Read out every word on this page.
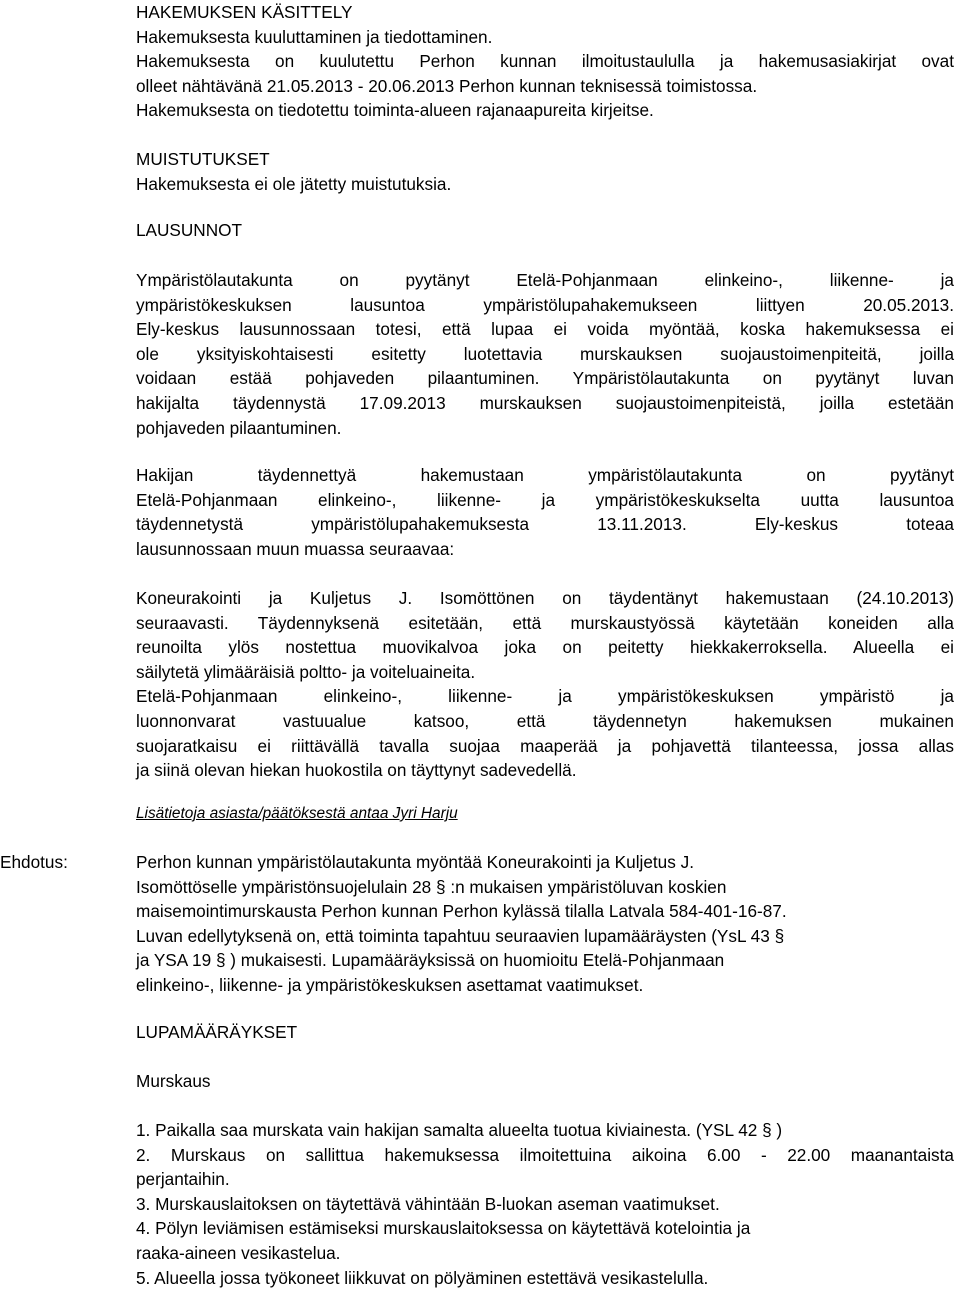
HAKEMUKSEN KÄSITTELY
Hakemuksesta kuuluttaminen ja tiedottaminen.
Hakemuksesta on kuulutettu Perhon kunnan ilmoitustaululla ja hakemusasiakirjat ovat
olleet nähtävänä 21.05.2013 - 20.06.2013 Perhon kunnan teknisessä toimistossa.
Hakemuksesta on tiedotettu toiminta-alueen rajanaapureita kirjeitse.
MUISTUTUKSET
Hakemuksesta ei ole jätetty muistutuksia.
LAUSUNNOT
Ympäristölautakunta on pyytänyt Etelä-Pohjanmaan elinkeino-, liikenne- ja
ympäristökeskuksen lausuntoa ympäristölupahakemukseen liittyen 20.05.2013.
Ely-keskus lausunnossaan totesi, että lupaa ei voida myöntää, koska hakemuksessa ei
ole yksityiskohtaisesti esitetty luotettavia murskauksen suojaustoimenpiteitä, joilla
voidaan estää pohjaveden pilaantuminen. Ympäristölautakunta on pyytänyt luvan
hakijalta täydennystä 17.09.2013 murskauksen suojaustoimenpiteistä, joilla estetään
pohjaveden pilaantuminen.
Hakijan täydennettyä hakemustaan ympäristölautakunta on pyytänyt
Etelä-Pohjanmaan elinkeino-, liikenne- ja ympäristökeskukselta uutta lausuntoa
täydennetystä ympäristölupahakemuksesta 13.11.2013. Ely-keskus toteaa
lausunnossaan muun muassa seuraavaa:
Koneurakointi ja Kuljetus J. Isomöttönen on täydentänyt hakemustaan (24.10.2013)
seuraavasti. Täydennyksenä esitetään, että murskaustyössä käytetään koneiden alla
reunoilta ylös nostettua muovikalvoa joka on peitetty hiekkakerroksella. Alueella ei
säilytetä ylimääräisiä poltto- ja voiteluaineita.
Etelä-Pohjanmaan elinkeino-, liikenne- ja ympäristökeskuksen ympäristö ja
luonnonvarat vastuualue katsoo, että täydennetyn hakemuksen mukainen
suojaratkaisu ei riittävällä tavalla suojaa maaperää ja pohjavettä tilanteessa, jossa allas
ja siinä olevan hiekan huokostila on täyttynyt sadevedellä.
Lisätietoja asiasta/päätöksestä antaa Jyri Harju
Ehdotus:	Perhon kunnan ympäristölautakunta myöntää Koneurakointi ja Kuljetus J.
Isomöttöselle ympäristönsuojelulain 28 § :n mukaisen ympäristöluvan koskien
maisemointimurskausta Perhon kunnan Perhon kylässä tilalla Latvala 584-401-16-87.
Luvan edellytyksenä on, että toiminta tapahtuu seuraavien lupamääräysten (YsL 43 §
ja YSA 19 § ) mukaisesti. Lupamääräyksissä on huomioitu Etelä-Pohjanmaan
elinkeino-, liikenne- ja ympäristökeskuksen asettamat vaatimukset.
LUPAMÄÄRÄYKSET
Murskaus
1. Paikalla saa murskata vain hakijan samalta alueelta tuotua kiviainesta. (YSL 42 § )
2. Murskaus on sallittua hakemuksessa ilmoitettuina aikoina 6.00 - 22.00 maanantaista
perjantaihin.
3. Murskauslaitoksen on täytettävä vähintään B-luokan aseman vaatimukset.
4. Pölyn leviämisen estämiseksi murskauslaitoksessa on käytettävä kotelointia ja
raaka-aineen vesikastelua.
5. Alueella jossa työkoneet liikkuvat on pölyäminen estettävä vesikastelulla.
